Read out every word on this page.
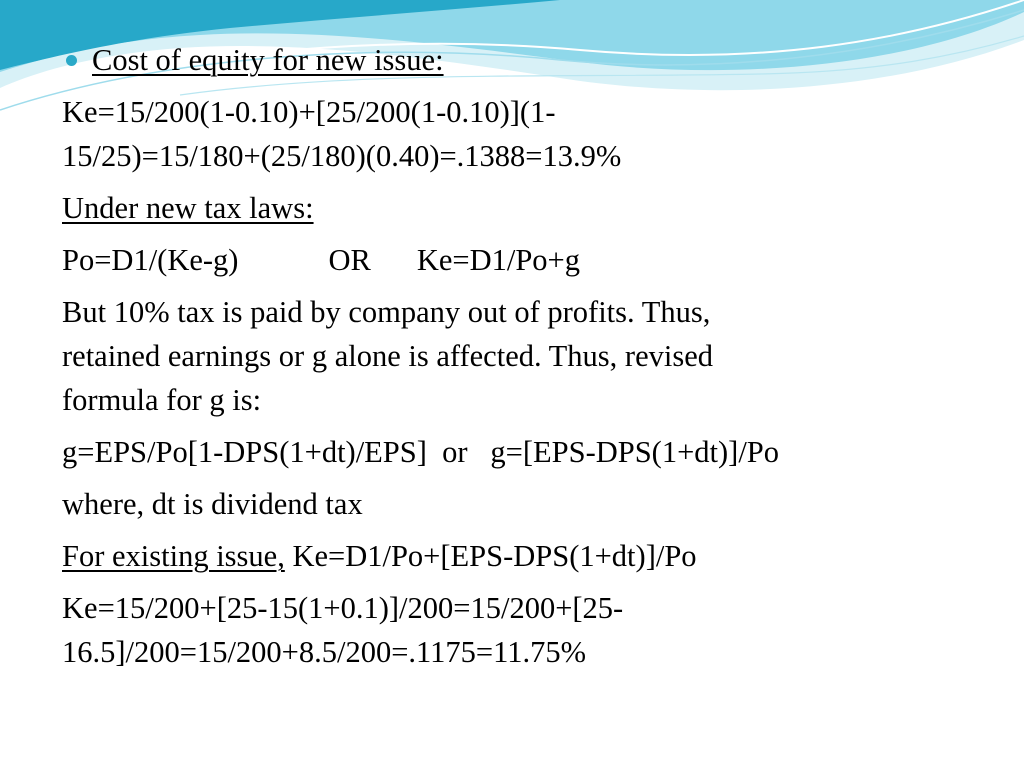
Cost of equity for new issue:

Ke=15/200(1-0.10)+[25/200(1-0.10)](1-
15/25)=15/180+(25/180)(0.40)=.1388=13.9%

Under new tax laws:

Po=D1/(Ke-g)	OR Ke=D1/Po+g

But 10% tax is paid by company out of profits. Thus,
retained earnings or g alone is affected. Thus, revised
formula for g is:

g=EPS/Po[1-DPS(1+dt)/EPS]  or   g=[EPS-DPS(1+dt)]/Po

where, dt is dividend tax

For existing issue, Ke=D1/Po+[EPS-DPS(1+dt)]/Po

Ke=15/200+[25-15(1+0.1)]/200=15/200+[25-
16.5]/200=15/200+8.5/200=.1175=11.75%
